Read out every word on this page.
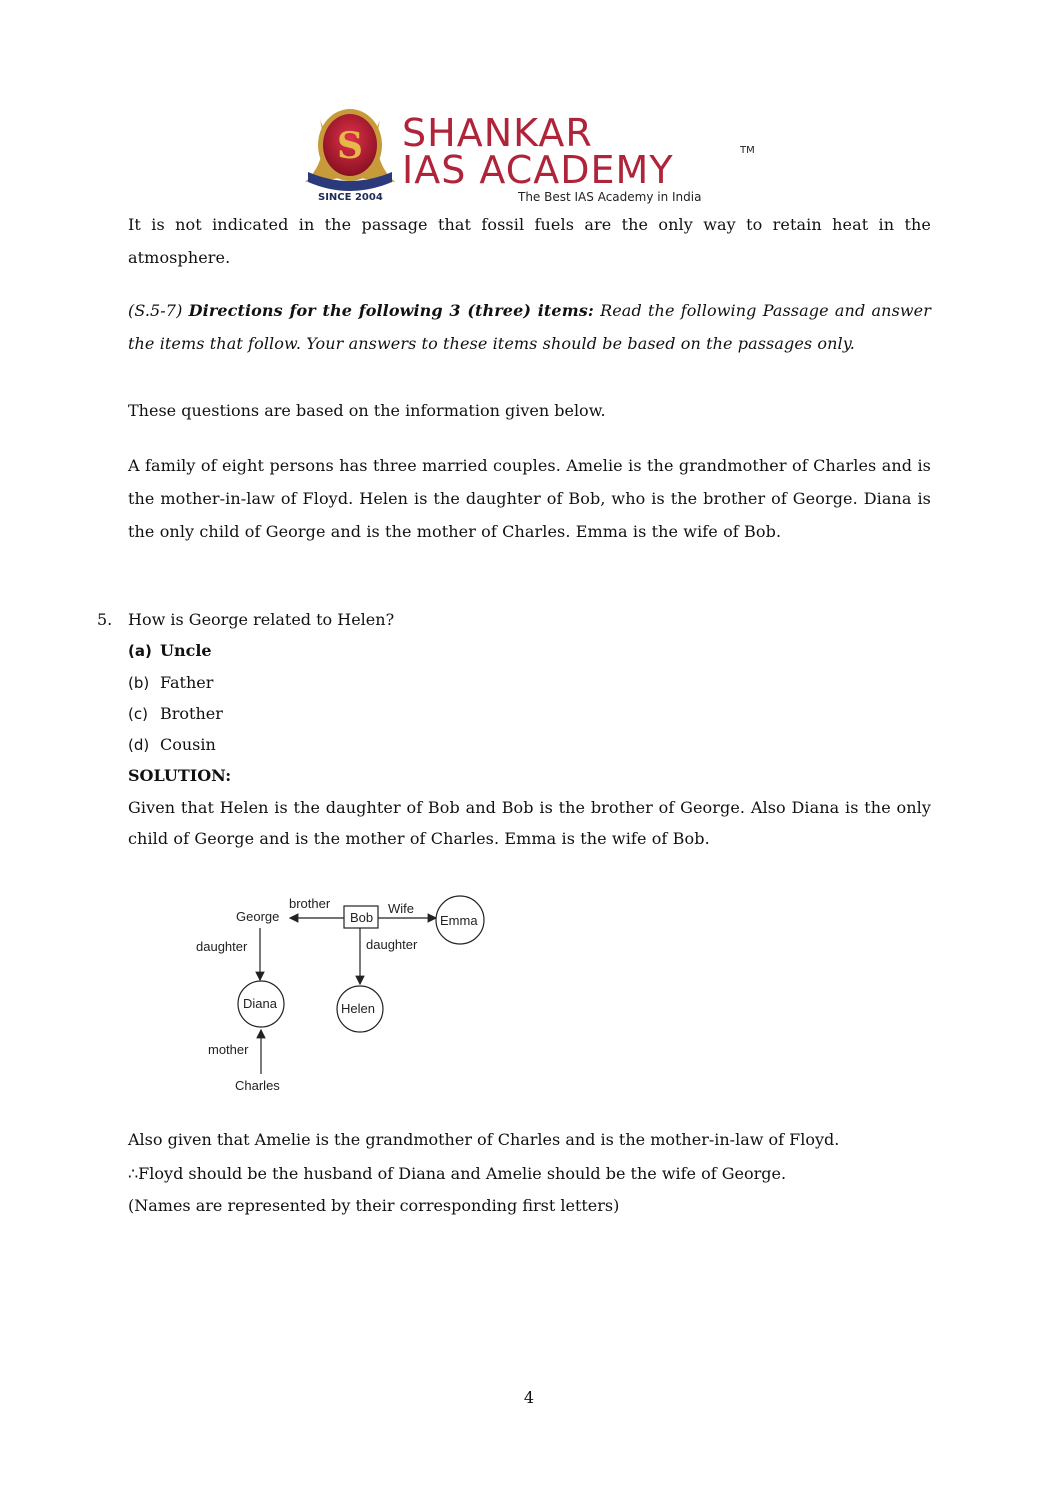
S SHANKAR
IAS ACADEMY	TM
SINCE 2004	The Best IAS Academy in India
It is not indicated in the passage that fossil fuels are the only way to retain heat in the atmosphere.
(S.5-7) Directions for the following 3 (three) items: Read the following Passage and answer the items that follow. Your answers to these items should be based on the passages only.
These questions are based on the information given below.
A family of eight persons has three married couples. Amelie is the grandmother of Charles and is the mother-in-law of Floyd. Helen is the daughter of Bob, who is the brother of George. Diana is the only child of George and is the mother of Charles. Emma is the wife of Bob.
5. How is George related to Helen?
(a) Uncle
(b) Father
(c) Brother
(d) Cousin
SOLUTION:
Given that Helen is the daughter of Bob and Bob is the brother of George. Also Diana is the only child of George and is the mother of Charles. Emma is the wife of Bob.
George	Bob
brother	Wife
Emma
daughter
Diana
daughter
Helen
mother
Charles
Also given that Amelie is the grandmother of Charles and is the mother-in-law of Floyd.
∴Floyd should be the husband of Diana and Amelie should be the wife of George.
(Names are represented by their corresponding first letters)
4
